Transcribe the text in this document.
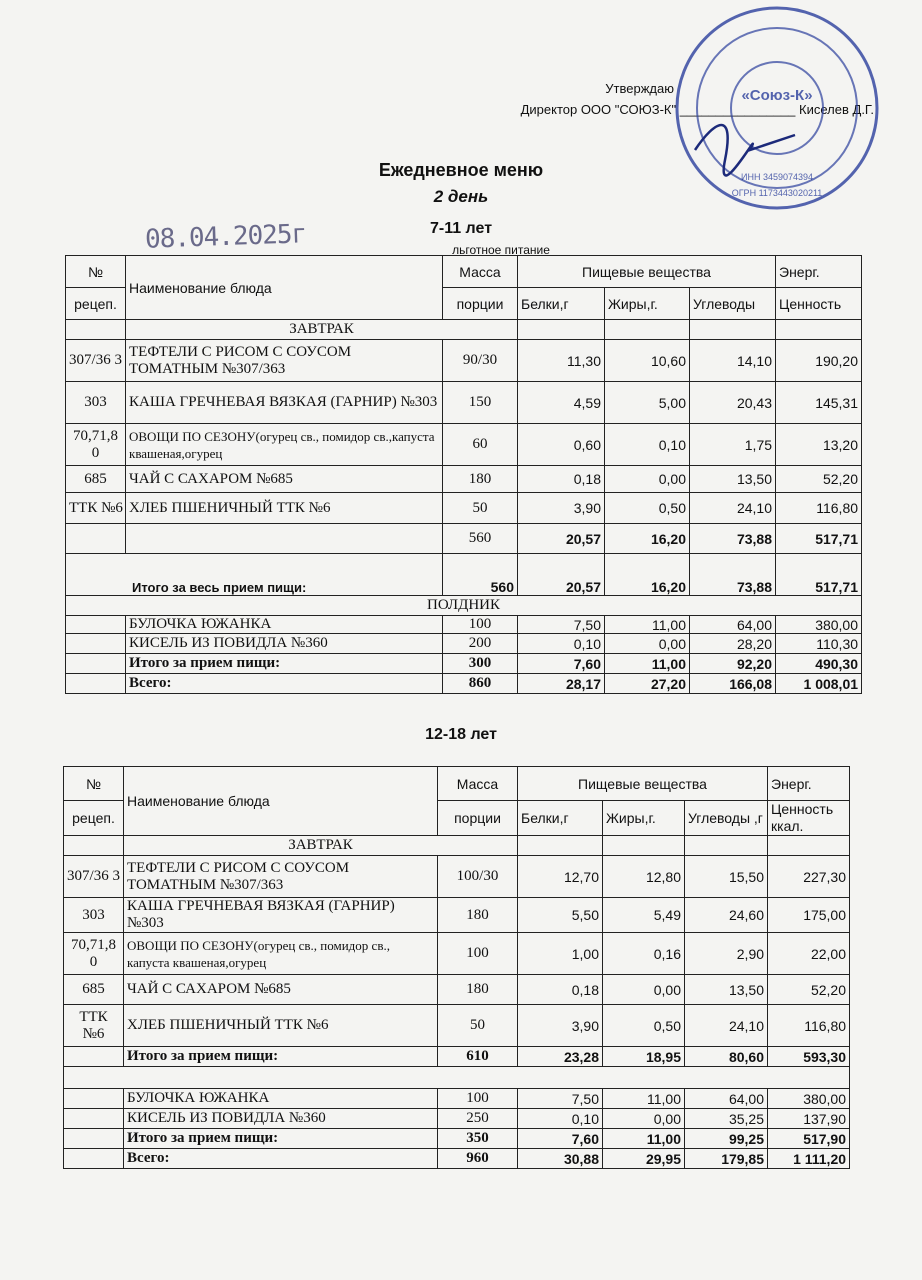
Утверждаю
Директор ООО "СОЮЗ-К" ________________ Киселев Д.Г.
«Союз-К»
ИНН 3459074394
ОГРН 1173443020211
Ежедневное меню
2 день
08.04.2025г	7-11 лет
льготное питание
№	Наименование блюда	Масса	Пищевые вещества			Энерг.
рецеп.		порции	Белки,г	Жиры,г.	Углеводы	Ценность
	ЗАВТРАК					
307/36 3	ТЕФТЕЛИ С РИСОМ С СОУСОМ ТОМАТНЫМ №307/363	90/30	11,30	10,60	14,10	190,20
303	КАША ГРЕЧНЕВАЯ ВЯЗКАЯ (ГАРНИР) №303	150	4,59	5,00	20,43	145,31
70,71,8 0	ОВОЩИ ПО СЕЗОНУ(огурец св., помидор св.,капуста квашеная,огурец	60	0,60	0,10	1,75	13,20
685	ЧАЙ С САХАРОМ №685	180	0,18	0,00	13,50	52,20
ТТК №6	ХЛЕБ ПШЕНИЧНЫЙ ТТК №6	50	3,90	0,50	24,10	116,80
		560	20,57	16,20	73,88	517,71
Итого за весь прием пищи:		560	20,57	16,20	73,88	517,71
ПОЛДНИК						
	БУЛОЧКА ЮЖАНКА	100	7,50	11,00	64,00	380,00
	КИСЕЛЬ ИЗ ПОВИДЛА №360	200	0,10	0,00	28,20	110,30
	Итого за прием пищи:	300	7,60	11,00	92,20	490,30
	Всего:	860	28,17	27,20	166,08	1 008,01
12-18 лет
№	Наименование блюда	Масса	Пищевые вещества			Энерг.
рецеп.		порции	Белки,г	Жиры,г.	Углеводы ,г	Ценность ккал.
	ЗАВТРАК					
307/36 3	ТЕФТЕЛИ С РИСОМ С СОУСОМ ТОМАТНЫМ №307/363	100/30	12,70	12,80	15,50	227,30
303	КАША ГРЕЧНЕВАЯ ВЯЗКАЯ (ГАРНИР) №303	180	5,50	5,49	24,60	175,00
70,71,8 0	ОВОЩИ ПО СЕЗОНУ(огурец св., помидор св., капуста квашеная,огурец	100	1,00	0,16	2,90	22,00
685	ЧАЙ С САХАРОМ №685	180	0,18	0,00	13,50	52,20
ТТК №6	ХЛЕБ ПШЕНИЧНЫЙ ТТК №6	50	3,90	0,50	24,10	116,80
	Итого за прием пищи:	610	23,28	18,95	80,60	593,30

	БУЛОЧКА ЮЖАНКА	100	7,50	11,00	64,00	380,00
	КИСЕЛЬ ИЗ ПОВИДЛА №360	250	0,10	0,00	35,25	137,90
	Итого за прием пищи:	350	7,60	11,00	99,25	517,90
	Всего:	960	30,88	29,95	179,85	1 111,20
